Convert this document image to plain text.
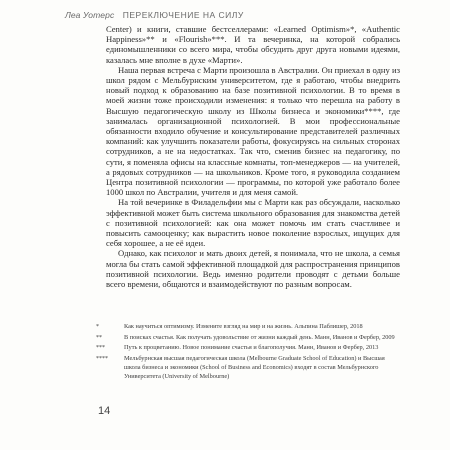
Леа Уотерс ПЕРЕКЛЮЧЕНИЕ НА СИЛУ

Center) и книги, ставшие бестселлерами: «Learned Optimism»*, «Authentic Happiness»** и «Flourish»***. И та вечеринка, на которой собрались единомышленники со всего мира, чтобы обсудить друг друга новыми идеями, казалась мне вполне в духе «Марти».

Наша первая встреча с Марти произошла в Австралии. Он приехал в одну из школ рядом с Мельбурнским университетом, где я работаю, чтобы внедрить новый подход к образованию на базе позитивной психологии. В то время в моей жизни тоже происходили изменения: я только что перешла на работу в Высшую педагогическую школу из Школы бизнеса и экономики****, где занималась организационной психологией. В мои профессиональные обязанности входило обучение и консультирование представителей различных компаний: как улучшить показатели работы, фокусируясь на сильных сторонах сотрудников, а не на недостатках. Так что, сменив бизнес на педагогику, по сути, я поменяла офисы на классные комнаты, топ-менеджеров — на учителей, а рядовых сотрудников — на школьников. Кроме того, я руководила созданием Центра позитивной психологии — программы, по которой уже работало более 1000 школ по Австралии, учителя и для меня самой.

На той вечеринке в Филадельфии мы с Марти как раз обсуждали, насколько эффективной может быть система школьного образования для знакомства детей с позитивной психологией: как она может помочь им стать счастливее и повысить самооценку; как вырастить новое поколение взрослых, ищущих для себя хорошее, а не её идеи.

Однако, как психолог и мать двоих детей, я понимала, что не школа, а семья могла бы стать самой эффективной площадкой для распространения принципов позитивной психологии. Ведь именно родители проводят с детьми больше всего времени, общаются и взаимодействуют по разным вопросам.

*	Как научиться оптимизму. Измените взгляд на мир и на жизнь. Альпина Паблишер, 2018
**	В поисках счастья. Как получать удовольствие от жизни каждый день. Манн, Иванов и Фербер, 2009
***	Путь к процветанию. Новое понимание счастья и благополучия. Манн, Иванов и Фербер, 2013
****	Мельбурнская высшая педагогическая школа (Melbourne Graduate School of Education) и Высшая школа бизнеса и экономики (School of Business and Economics) входят в состав Мельбурнского Университета (University of Melbourne)
14
